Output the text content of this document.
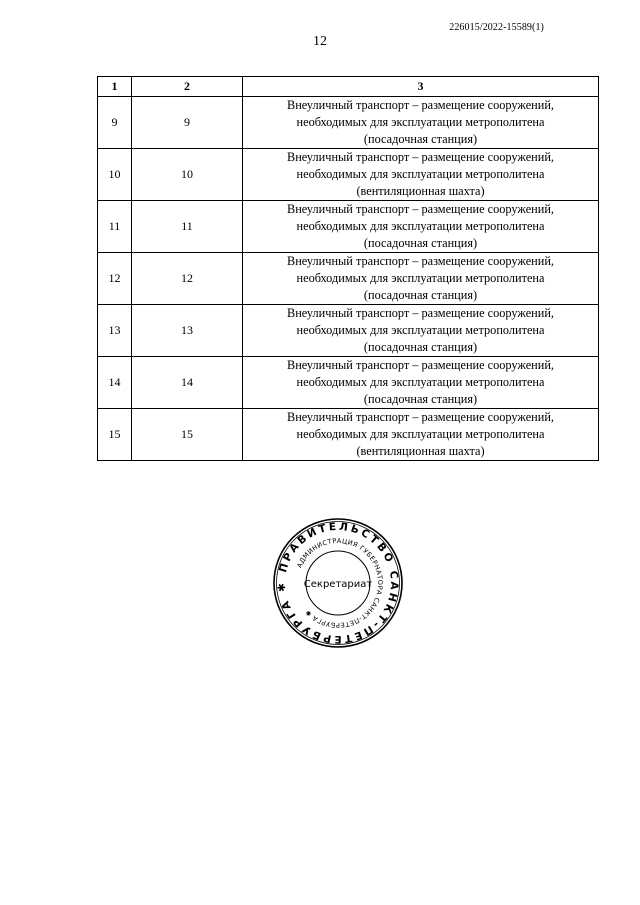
226015/2022-15589(1)
12
1	2	3
9	9	Внеуличный транспорт – размещение сооружений,
необходимых для эксплуатации метрополитена
(посадочная станция)

10	10	Внеуличный транспорт – размещение сооружений,
необходимых для эксплуатации метрополитена
(вентиляционная шахта)

11	11	Внеуличный транспорт – размещение сооружений,
необходимых для эксплуатации метрополитена
(посадочная станция)

12	12	Внеуличный транспорт – размещение сооружений,
необходимых для эксплуатации метрополитена
(посадочная станция)

13	13	Внеуличный транспорт – размещение сооружений,
необходимых для эксплуатации метрополитена
(посадочная станция)

14	14	Внеуличный транспорт – размещение сооружений,
необходимых для эксплуатации метрополитена
(посадочная станция)

15	15	Внеуличный транспорт – размещение сооружений,
необходимых для эксплуатации метрополитена
(вентиляционная шахта)
ПРАВИТЕЛЬСТВО САНКТ-ПЕТЕРБУРГА ✱
АДМИНИСТРАЦИЯ ГУБЕРНАТОРА САНКТ-ПЕТЕРБУРГА ✱
Секретариат
